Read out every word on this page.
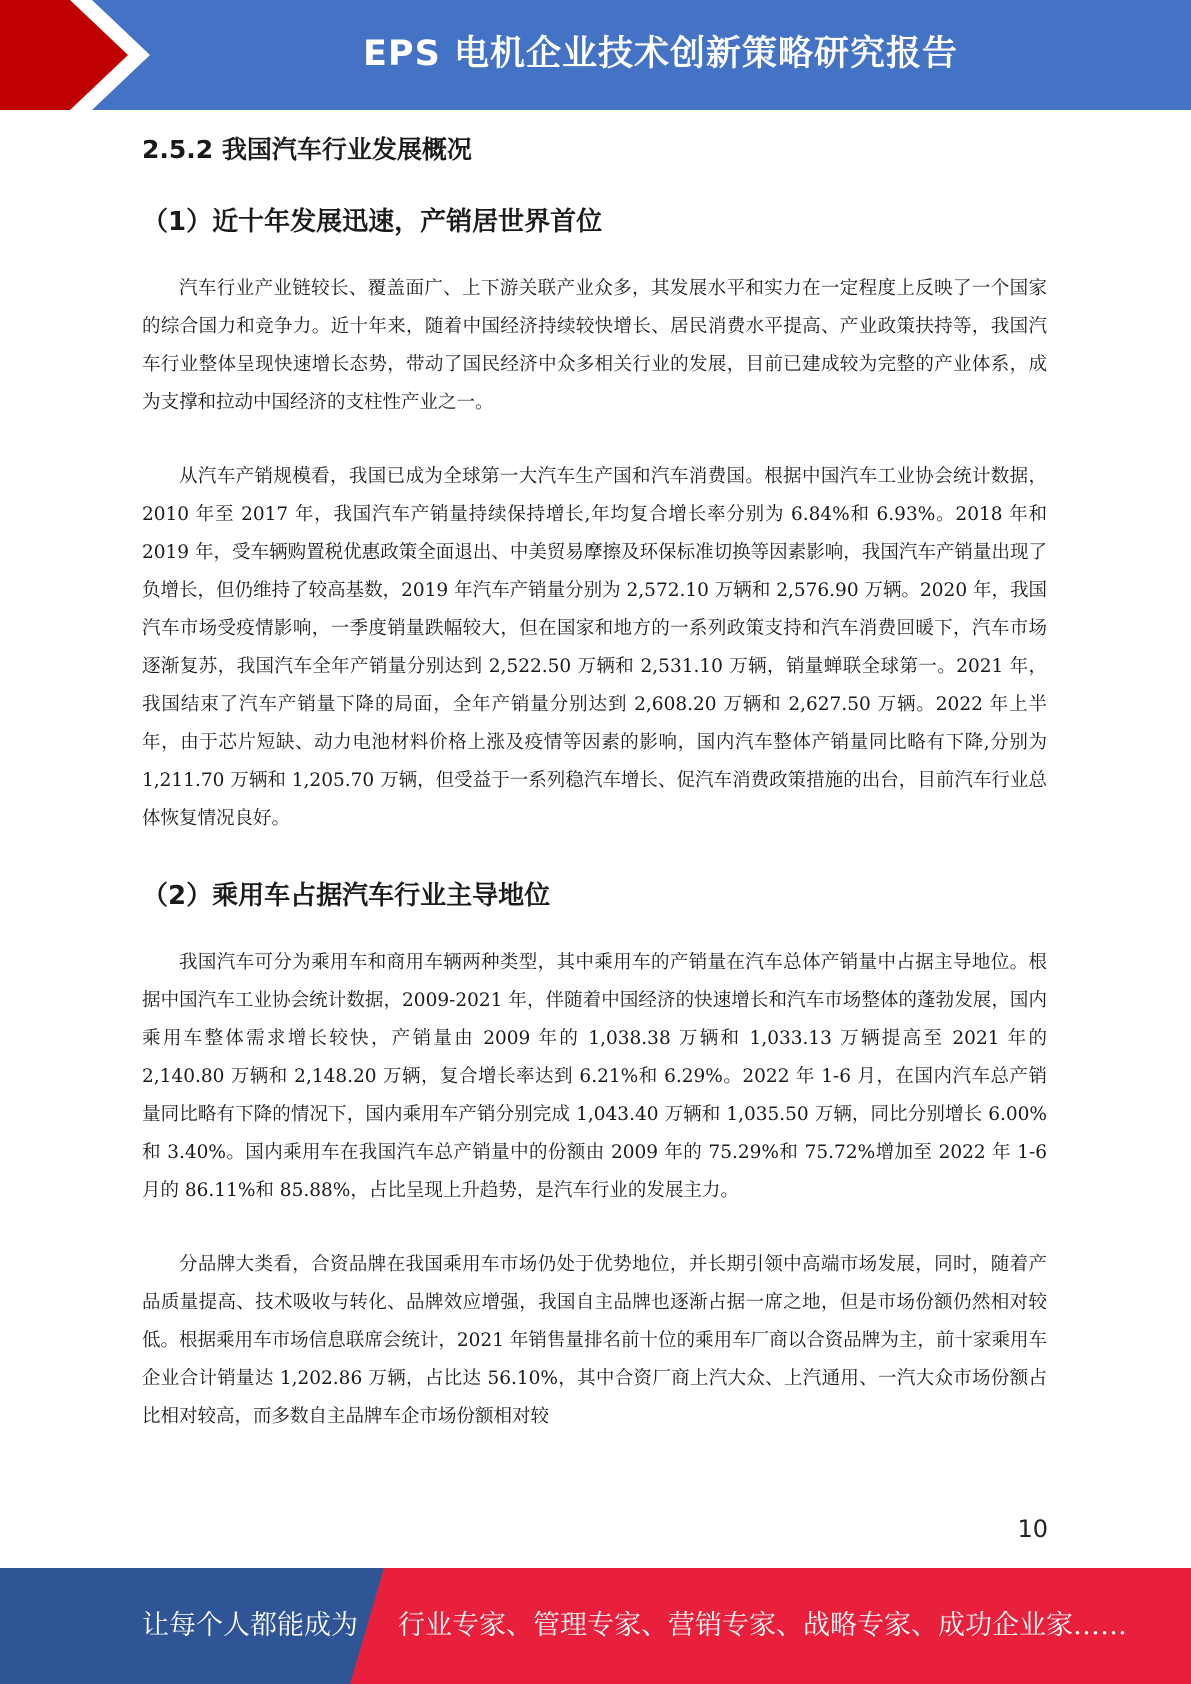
EPS 电机企业技术创新策略研究报告
2.5.2 我国汽车行业发展概况
（1）近十年发展迅速，产销居世界首位

汽车行业产业链较长、覆盖面广、上下游关联产业众多，其发展水平和实力在一定程度上反映了一个国家的综合国力和竞争力。近十年来，随着中国经济持续较快增长、居民消费水平提高、产业政策扶持等，我国汽车行业整体呈现快速增长态势，带动了国民经济中众多相关行业的发展，目前已建成较为完整的产业体系，成为支撑和拉动中国经济的支柱性产业之一。

从汽车产销规模看，我国已成为全球第一大汽车生产国和汽车消费国。根据中国汽车工业协会统计数据，2010 年至 2017 年，我国汽车产销量持续保持增长,年均复合增长率分别为 6.84%和 6.93%。2018 年和 2019 年，受车辆购置税优惠政策全面退出、中美贸易摩擦及环保标准切换等因素影响，我国汽车产销量出现了负增长，但仍维持了较高基数，2019 年汽车产销量分别为 2,572.10 万辆和 2,576.90 万辆。2020 年，我国汽车市场受疫情影响，一季度销量跌幅较大，但在国家和地方的一系列政策支持和汽车消费回暖下，汽车市场逐渐复苏，我国汽车全年产销量分别达到 2,522.50 万辆和 2,531.10 万辆，销量蝉联全球第一。2021 年，我国结束了汽车产销量下降的局面，全年产销量分别达到 2,608.20 万辆和 2,627.50 万辆。2022 年上半年，由于芯片短缺、动力电池材料价格上涨及疫情等因素的影响，国内汽车整体产销量同比略有下降,分别为 1,211.70 万辆和 1,205.70 万辆，但受益于一系列稳汽车增长、促汽车消费政策措施的出台，目前汽车行业总体恢复情况良好。

（2）乘用车占据汽车行业主导地位

我国汽车可分为乘用车和商用车辆两种类型，其中乘用车的产销量在汽车总体产销量中占据主导地位。根据中国汽车工业协会统计数据，2009-2021 年，伴随着中国经济的快速增长和汽车市场整体的蓬勃发展，国内乘用车整体需求增长较快，产销量由 2009 年的 1,038.38 万辆和 1,033.13 万辆提高至 2021 年的 2,140.80 万辆和 2,148.20 万辆，复合增长率达到 6.21%和 6.29%。2022 年 1-6 月，在国内汽车总产销量同比略有下降的情况下，国内乘用车产销分别完成 1,043.40 万辆和 1,035.50 万辆，同比分别增长 6.00%和 3.40%。国内乘用车在我国汽车总产销量中的份额由 2009 年的 75.29%和 75.72%增加至 2022 年 1-6 月的 86.11%和 85.88%，占比呈现上升趋势，是汽车行业的发展主力。

分品牌大类看，合资品牌在我国乘用车市场仍处于优势地位，并长期引领中高端市场发展，同时，随着产品质量提高、技术吸收与转化、品牌效应增强，我国自主品牌也逐渐占据一席之地，但是市场份额仍然相对较低。根据乘用车市场信息联席会统计，2021 年销售量排名前十位的乘用车厂商以合资品牌为主，前十家乘用车企业合计销量达 1,202.86 万辆，占比达 56.10%，其中合资厂商上汽大众、上汽通用、一汽大众市场份额占比相对较高，而多数自主品牌车企市场份额相对较

10
让每个人都能成为 行业专家、管理专家、营销专家、战略专家、成功企业家……
